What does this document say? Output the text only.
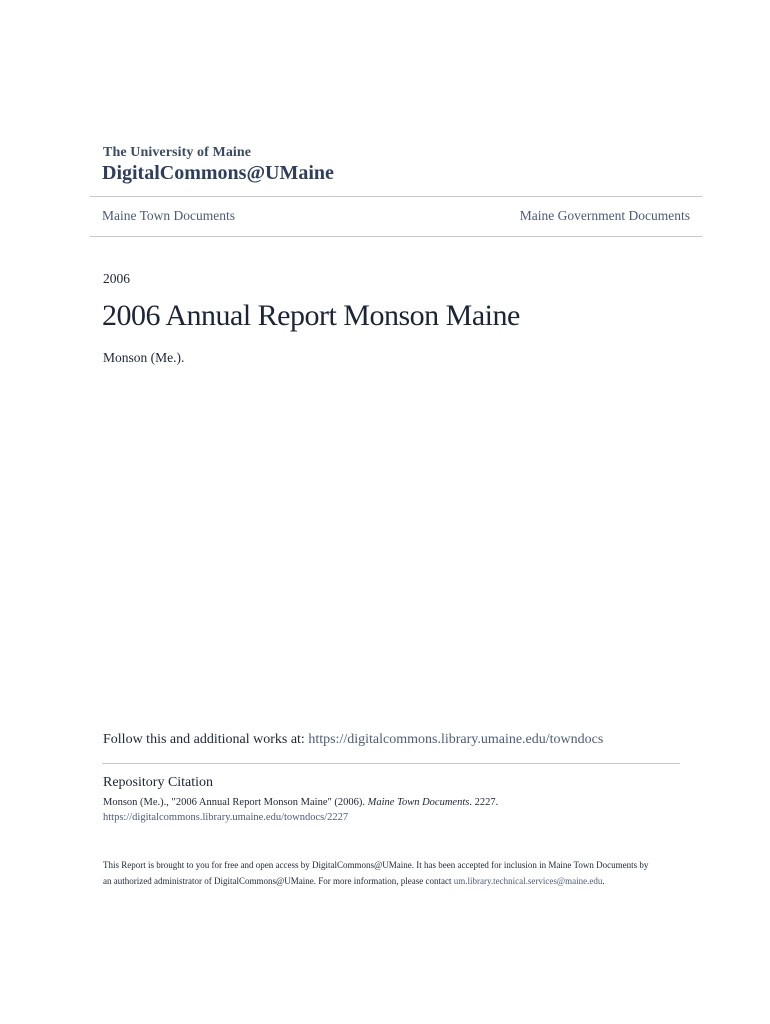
The University of Maine
DigitalCommons@UMaine
Maine Town Documents	Maine Government Documents
2006
2006 Annual Report Monson Maine
Monson (Me.).
Follow this and additional works at: https://digitalcommons.library.umaine.edu/towndocs
Repository Citation
Monson (Me.)., "2006 Annual Report Monson Maine" (2006). Maine Town Documents. 2227.
https://digitalcommons.library.umaine.edu/towndocs/2227
This Report is brought to you for free and open access by DigitalCommons@UMaine. It has been accepted for inclusion in Maine Town Documents by
an authorized administrator of DigitalCommons@UMaine. For more information, please contact um.library.technical.services@maine.edu.
